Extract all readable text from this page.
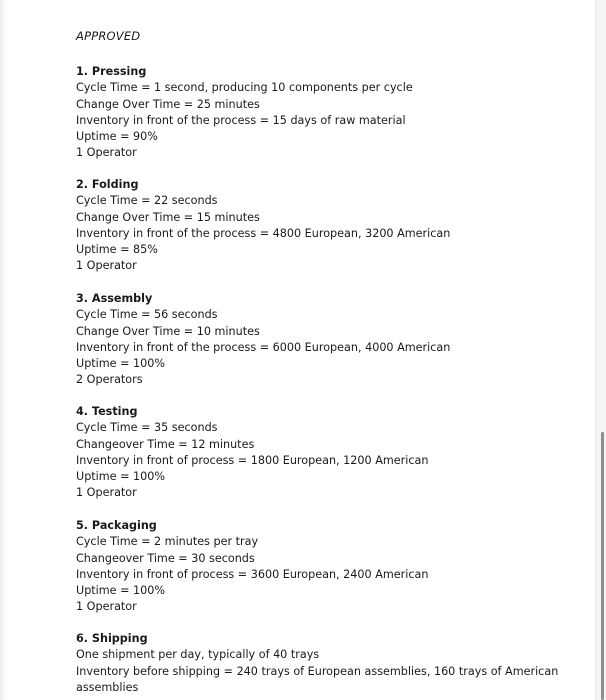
APPROVED
1. Pressing
Cycle Time = 1 second, producing 10 components per cycle
Change Over Time = 25 minutes
Inventory in front of the process = 15 days of raw material
Uptime = 90%
1 Operator
2. Folding
Cycle Time = 22 seconds
Change Over Time = 15 minutes
Inventory in front of the process = 4800 European, 3200 American
Uptime = 85%
1 Operator
3. Assembly
Cycle Time = 56 seconds
Change Over Time = 10 minutes
Inventory in front of the process = 6000 European, 4000 American
Uptime = 100%
2 Operators
4. Testing
Cycle Time = 35 seconds
Changeover Time = 12 minutes
Inventory in front of process = 1800 European, 1200 American
Uptime = 100%
1 Operator
5. Packaging
Cycle Time = 2 minutes per tray
Changeover Time = 30 seconds
Inventory in front of process = 3600 European, 2400 American
Uptime = 100%
1 Operator
6. Shipping
One shipment per day, typically of 40 trays
Inventory before shipping = 240 trays of European assemblies, 160 trays of American assemblies
